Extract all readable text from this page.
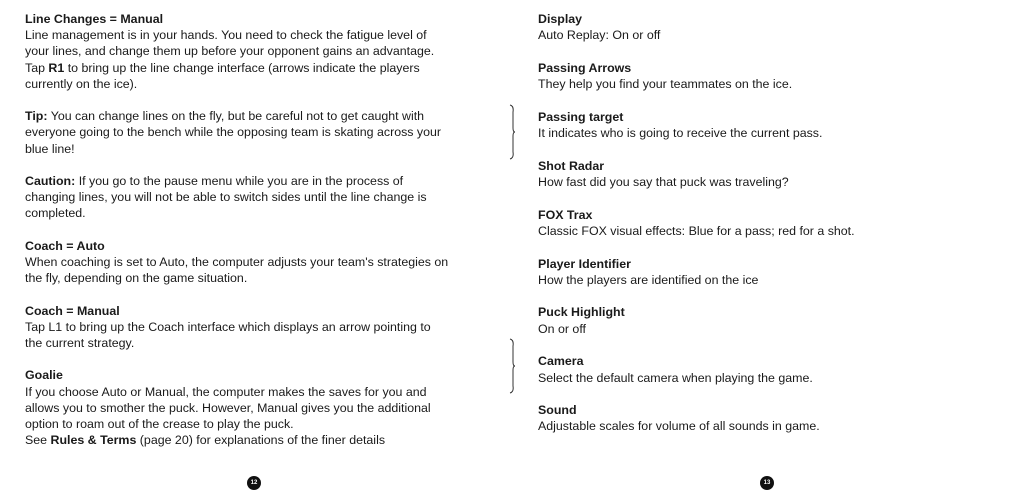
Line Changes = Manual

Line management is in your hands. You need to check the fatigue level of

your lines, and change them up before your opponent gains an advantage.

Tap R1 to bring up the line change interface (arrows indicate the players

currently on the ice).

Tip: You can change lines on the fly, but be careful not to get caught with

everyone going to the bench while the opposing team is skating across your

blue line!

Caution: If you go to the pause menu while you are in the process of

changing lines, you will not be able to switch sides until the line change is

completed.

Coach = Auto

When coaching is set to Auto, the computer adjusts your team's strategies on

the fly, depending on the game situation.

Coach = Manual

Tap L1 to bring up the Coach interface which displays an arrow pointing to

the current strategy.

Goalie

If you choose Auto or Manual, the computer makes the saves for you and

allows you to smother the puck. However, Manual gives you the additional

option to roam out of the crease to play the puck.

See Rules & Terms (page 20) for explanations of the finer details

12
Display
Auto Replay: On or off
Passing Arrows
They help you find your teammates on the ice.
Passing target
It indicates who is going to receive the current pass.
Shot Radar
How fast did you say that puck was traveling?
FOX Trax
Classic FOX visual effects: Blue for a pass; red for a shot.
Player Identifier
How the players are identified on the ice
Puck Highlight
On or off
Camera
Select the default camera when playing the game.
Sound
Adjustable scales for volume of all sounds in game.
13
